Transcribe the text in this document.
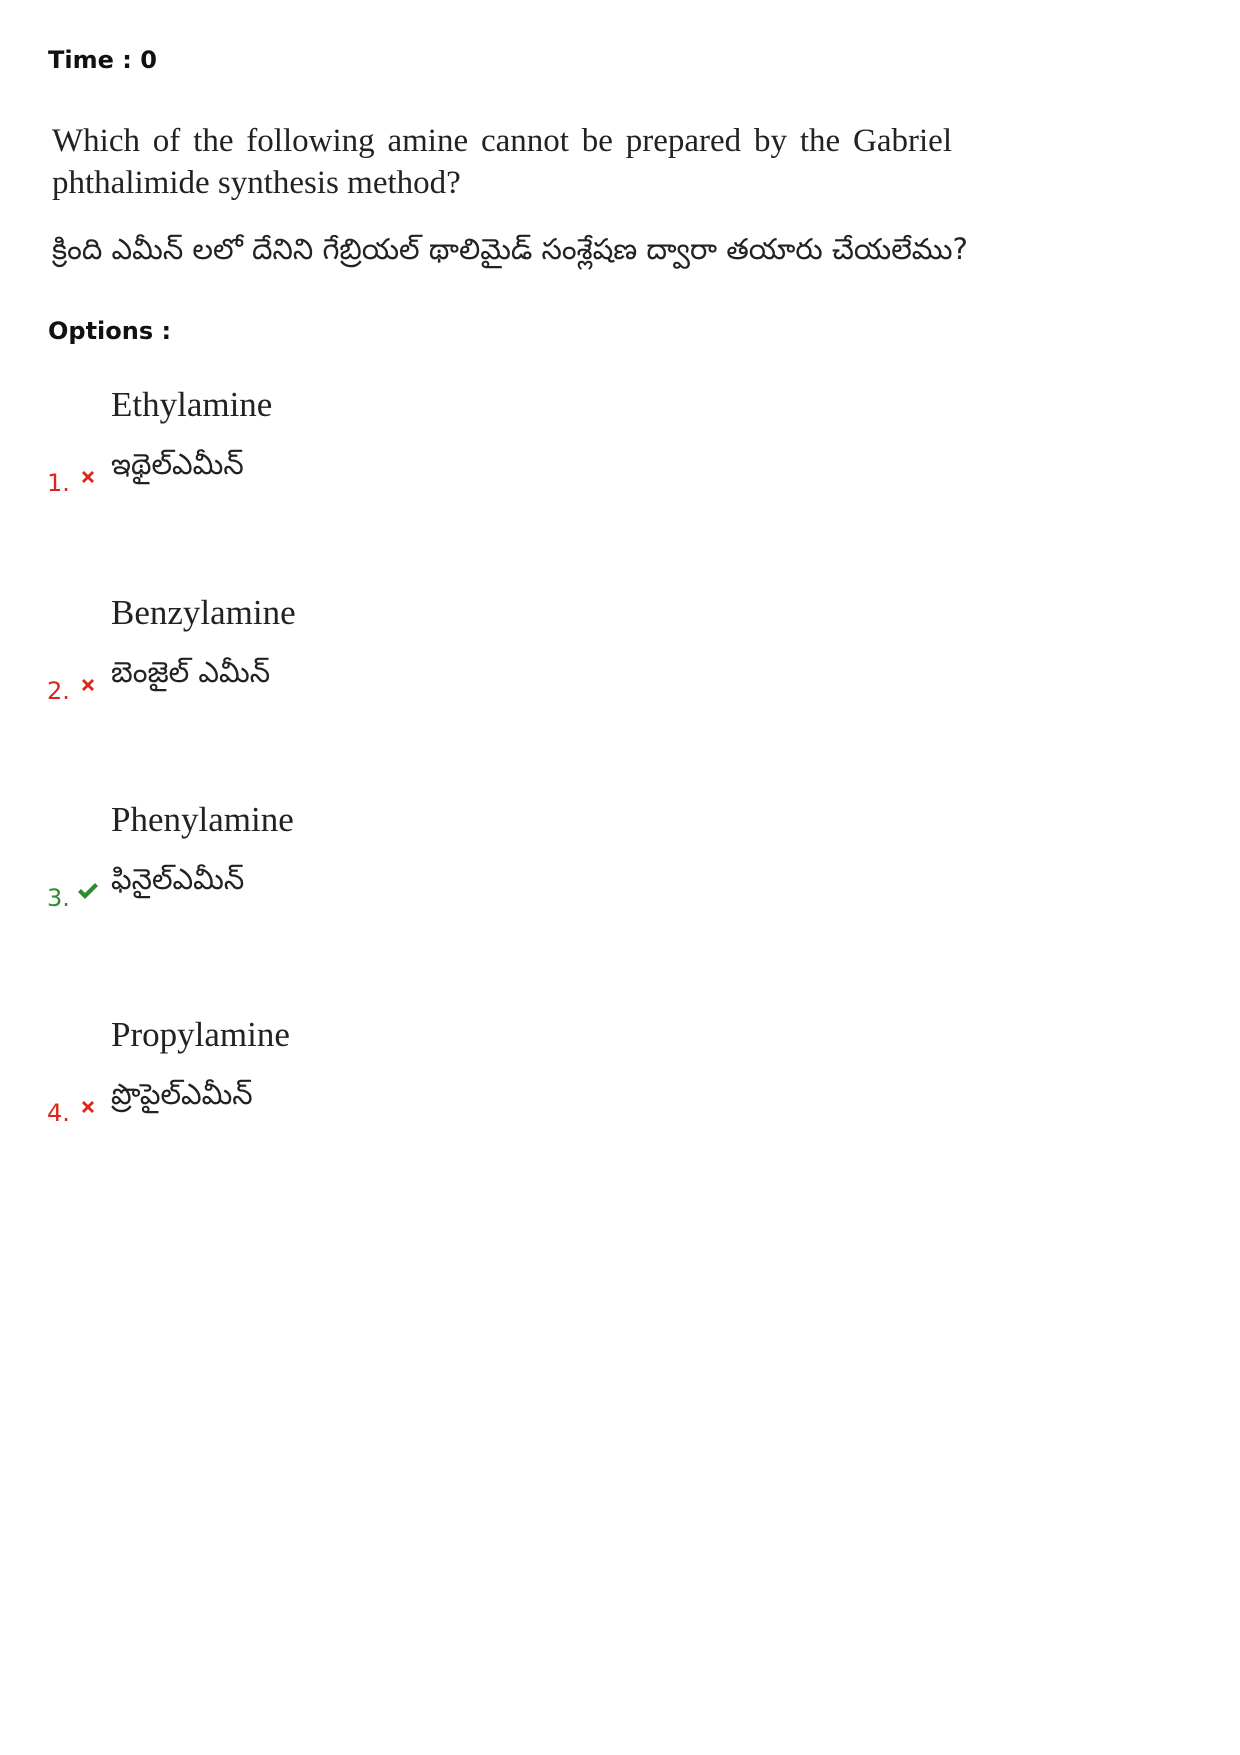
Time : 0
Which of the following amine cannot be prepared by the Gabriel phthalimide synthesis method?
క్రింది ఎమీన్ లలో దేనిని గేబ్రియల్ థాలిమైడ్ సంశ్లేషణ ద్వారా తయారు చేయలేము?
Options :
Ethylamine
ఇథైల్ఎమీన్
1.
Benzylamine
బెంజైల్ ఎమీన్
2.
Phenylamine
ఫినైల్ఎమీన్
3.
Propylamine
ప్రొపైల్ఎమీన్
4.
